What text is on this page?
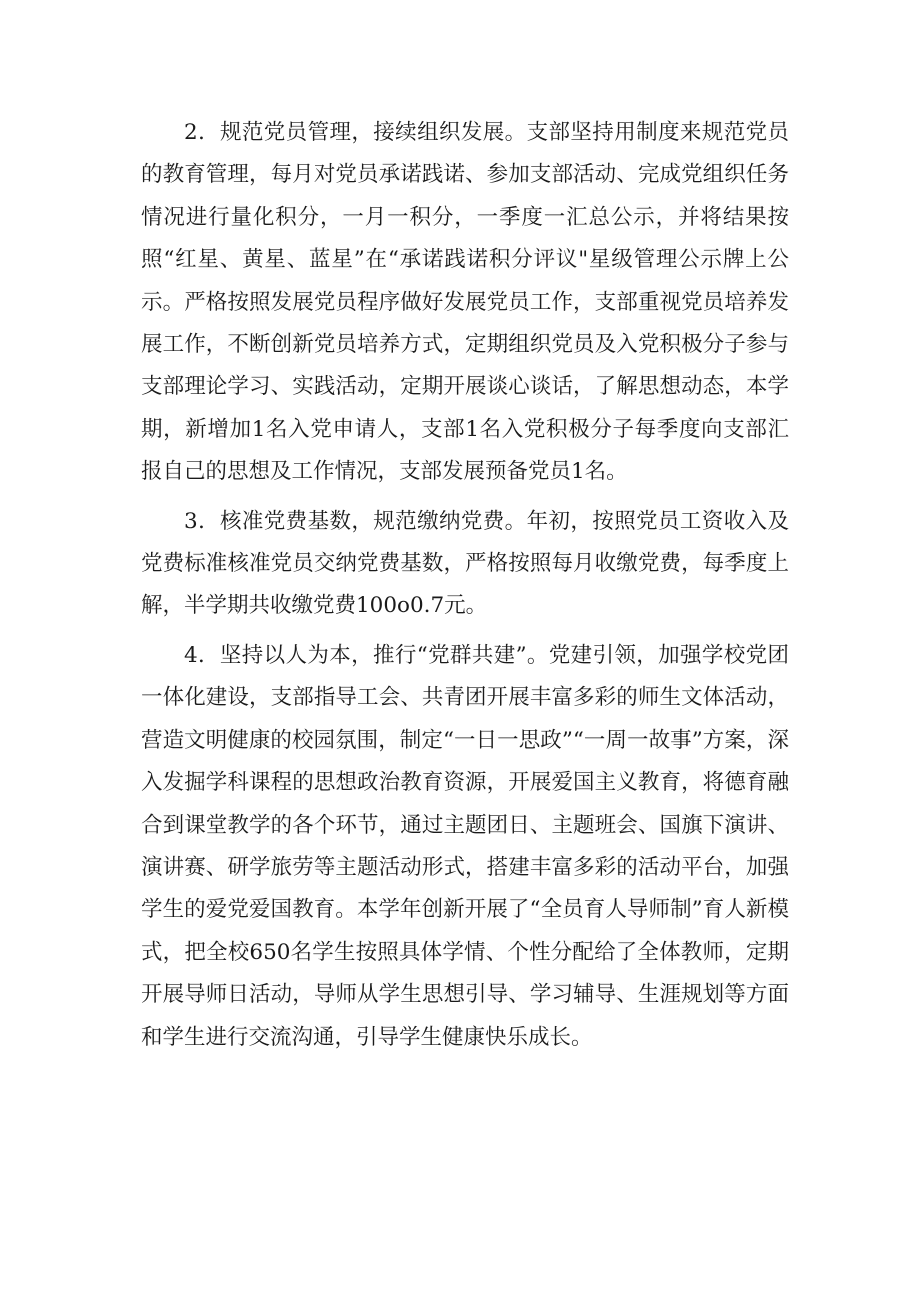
2．规范党员管理，接续组织发展。支部坚持用制度来规范党员的教育管理，每月对党员承诺践诺、参加支部活动、完成党组织任务情况进行量化积分，一月一积分，一季度一汇总公示，并将结果按照“红星、黄星、蓝星”在“承诺践诺积分评议"星级管理公示牌上公示。严格按照发展党员程序做好发展党员工作，支部重视党员培养发展工作，不断创新党员培养方式，定期组织党员及入党积极分子参与支部理论学习、实践活动，定期开展谈心谈话，了解思想动态，本学期，新增加1名入党申请人，支部1名入党积极分子每季度向支部汇报自己的思想及工作情况，支部发展预备党员1名。

3．核准党费基数，规范缴纳党费。年初，按照党员工资收入及党费标准核准党员交纳党费基数，严格按照每月收缴党费，每季度上解，半学期共收缴党费100o0.7元。

4．坚持以人为本，推行“党群共建”。党建引领，加强学校党团一体化建设，支部指导工会、共青团开展丰富多彩的师生文体活动，营造文明健康的校园氛围，制定“一日一思政”“一周一故事”方案，深入发掘学科课程的思想政治教育资源，开展爱国主义教育，将德育融合到课堂教学的各个环节，通过主题团日、主题班会、国旗下演讲、演讲赛、研学旅劳等主题活动形式，搭建丰富多彩的活动平台，加强学生的爱党爱国教育。本学年创新开展了“全员育人导师制”育人新模式，把全校650名学生按照具体学情、个性分配给了全体教师，定期开展导师日活动，导师从学生思想引导、学习辅导、生涯规划等方面和学生进行交流沟通，引导学生健康快乐成长。
